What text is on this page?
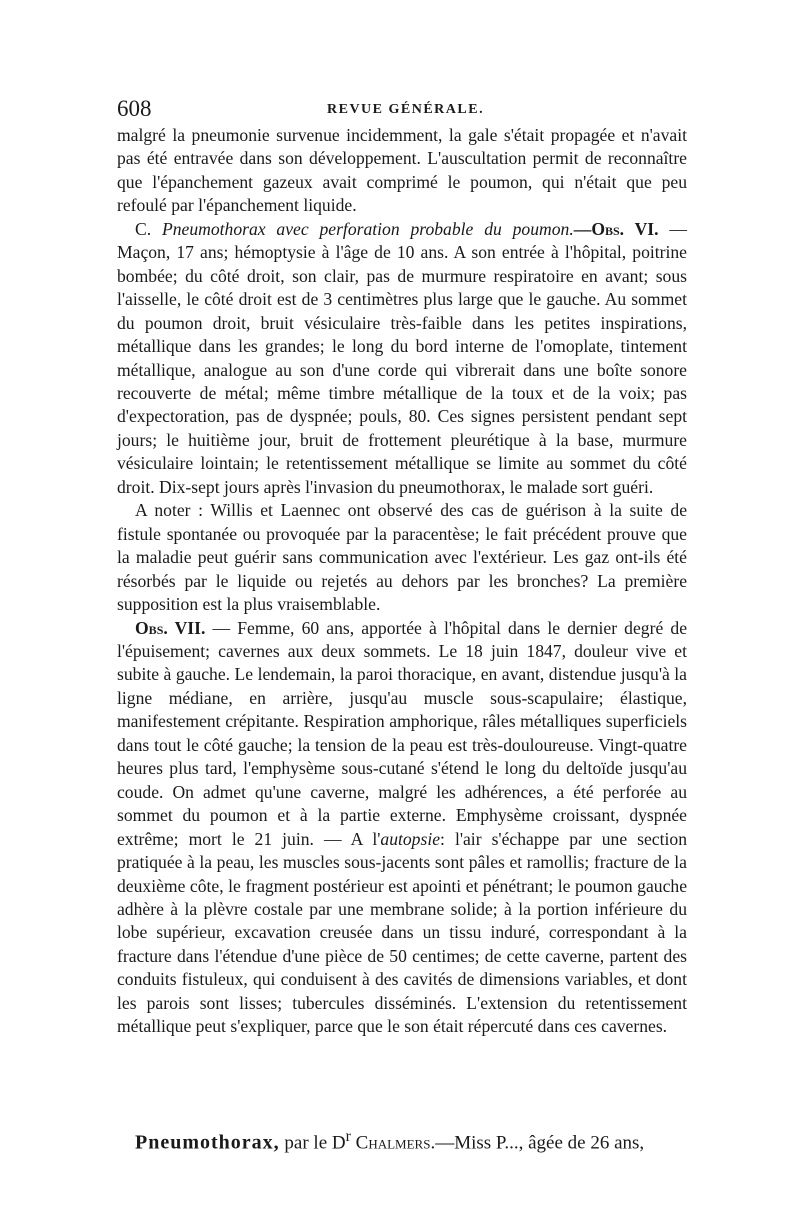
608	REVUE GÉNÉRALE.

malgré la pneumonie survenue incidemment, la gale s'était propagée et n'avait pas été entravée dans son développement. L'auscultation permit de reconnaître que l'épanchement gazeux avait comprimé le poumon, qui n'était que peu refoulé par l'épanchement liquide.

C. Pneumothorax avec perforation probable du poumon.—Obs. VI. — Maçon, 17 ans; hémoptysie à l'âge de 10 ans. A son entrée à l'hôpital, poitrine bombée; du côté droit, son clair, pas de murmure respiratoire en avant; sous l'aisselle, le côté droit est de 3 centimètres plus large que le gauche. Au sommet du poumon droit, bruit vésiculaire très-faible dans les petites inspirations, métallique dans les grandes; le long du bord interne de l'omoplate, tintement métallique, analogue au son d'une corde qui vibrerait dans une boîte sonore recouverte de métal; même timbre métallique de la toux et de la voix; pas d'expectoration, pas de dyspnée; pouls, 80. Ces signes persistent pendant sept jours; le huitième jour, bruit de frottement pleurétique à la base, murmure vésiculaire lointain; le retentissement métallique se limite au sommet du côté droit. Dix-sept jours après l'invasion du pneumothorax, le malade sort guéri.

A noter : Willis et Laennec ont observé des cas de guérison à la suite de fistule spontanée ou provoquée par la paracentèse; le fait précédent prouve que la maladie peut guérir sans communication avec l'extérieur. Les gaz ont-ils été résorbés par le liquide ou rejetés au dehors par les bronches? La première supposition est la plus vraisemblable.

Obs. VII. — Femme, 60 ans, apportée à l'hôpital dans le dernier degré de l'épuisement; cavernes aux deux sommets. Le 18 juin 1847, douleur vive et subite à gauche. Le lendemain, la paroi thoracique, en avant, distendue jusqu'à la ligne médiane, en arrière, jusqu'au muscle sous-scapulaire; élastique, manifestement crépitante. Respiration amphorique, râles métalliques superficiels dans tout le côté gauche; la tension de la peau est très-douloureuse. Vingt-quatre heures plus tard, l'emphysème sous-cutané s'étend le long du deltoïde jusqu'au coude. On admet qu'une caverne, malgré les adhérences, a été perforée au sommet du poumon et à la partie externe. Emphysème croissant, dyspnée extrême; mort le 21 juin. — A l'autopsie: l'air s'échappe par une section pratiquée à la peau, les muscles sous-jacents sont pâles et ramollis; fracture de la deuxième côte, le fragment postérieur est apointi et pénétrant; le poumon gauche adhère à la plèvre costale par une membrane solide; à la portion inférieure du lobe supérieur, excavation creusée dans un tissu induré, correspondant à la fracture dans l'étendue d'une pièce de 50 centimes; de cette caverne, partent des conduits fistuleux, qui conduisent à des cavités de dimensions variables, et dont les parois sont lisses; tubercules disséminés. L'extension du retentissement métallique peut s'expliquer, parce que le son était répercuté dans ces cavernes.

Pneumothorax, par le $D^r$ Chalmers.—Miss P..., âgée de 26 ans,
